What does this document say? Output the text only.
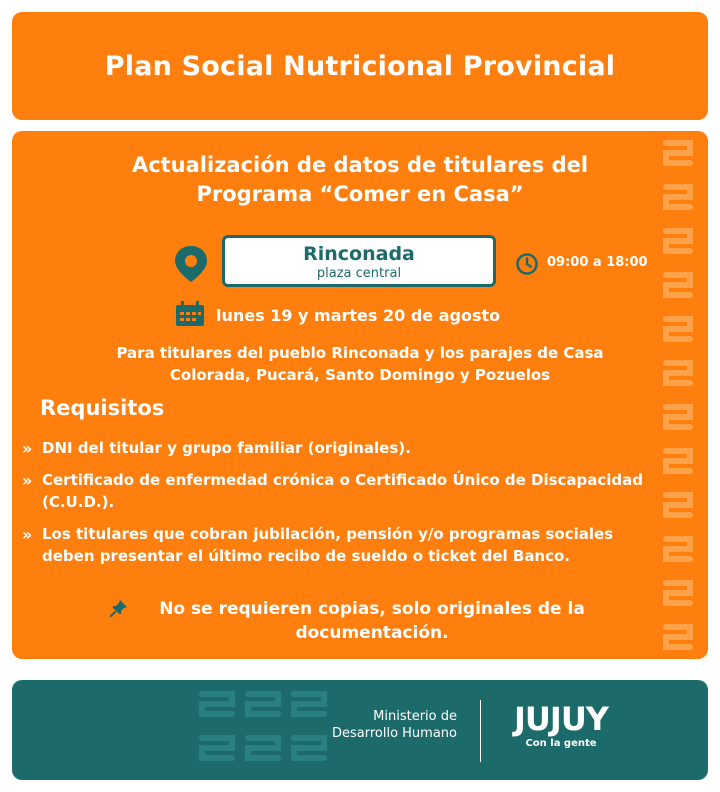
Plan Social Nutricional Provincial
Actualización de datos de titulares del
Programa “Comer en Casa”
Rinconada
plaza central
09:00 a 18:00
lunes 19 y martes 20 de agosto
Para titulares del pueblo Rinconada y los parajes de Casa
Colorada, Pucará, Santo Domingo y Pozuelos
Requisitos
» DNI del titular y grupo familiar (originales).
» Certificado de enfermedad crónica o Certificado Único de Discapacidad (C.U.D.).
» Los titulares que cobran jubilación, pensión y/o programas sociales deben presentar el último recibo de sueldo o ticket del Banco.
No se requieren copias, solo originales de la documentación.
Ministerio de
Desarrollo Humano	JUJUY
Con la gente
